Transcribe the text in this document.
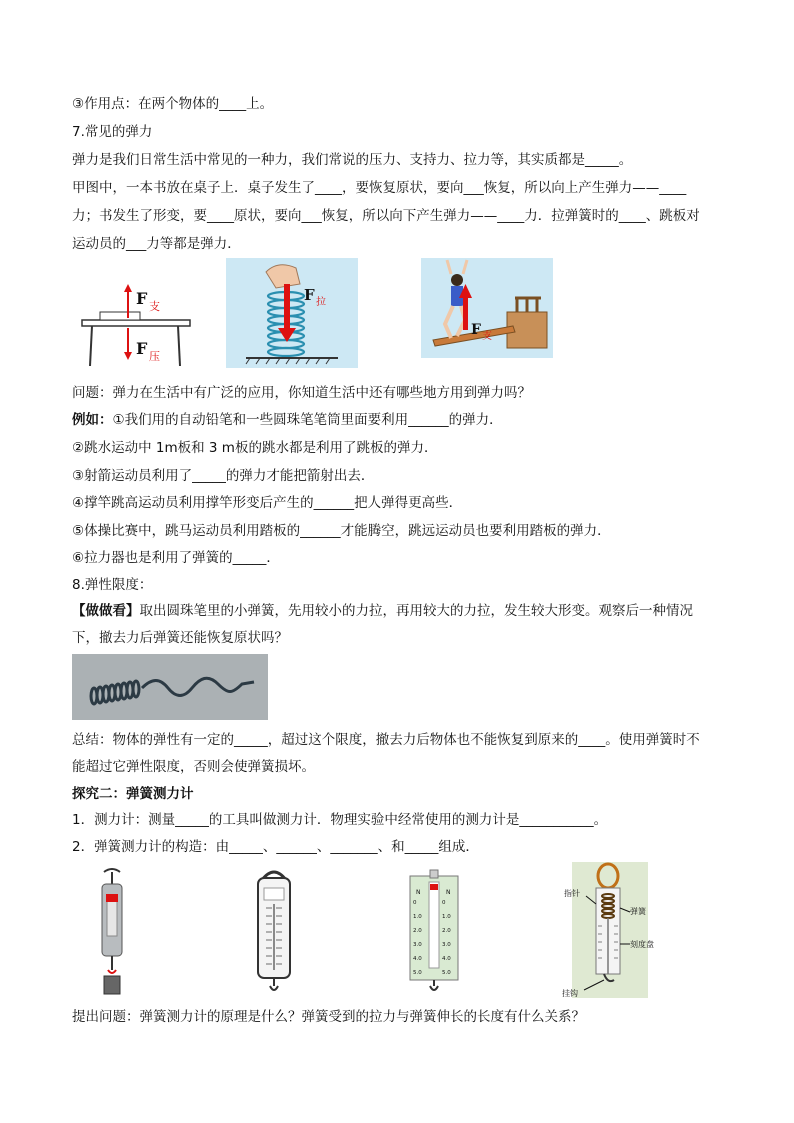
③作用点：在两个物体的____上。
7.常见的弹力
弹力是我们日常生活中常见的一种力，我们常说的压力、支持力、拉力等，其实质都是_____。
甲图中，一本书放在桌子上．桌子发生了____，要恢复原状，要向___恢复，所以向上产生弹力——____
力；书发生了形变，要____原状，要向___恢复，所以向下产生弹力——____力．拉弹簧时的____、跳板对
运动员的___力等都是弹力．
F 支
F 压
F 拉
F 支
问题：弹力在生活中有广泛的应用，你知道生活中还有哪些地方用到弹力吗？
例如：①我们用的自动铅笔和一些圆珠笔笔筒里面要利用______的弹力．
②跳水运动中 1m板和 3 m板的跳水都是利用了跳板的弹力．
③射箭运动员利用了_____的弹力才能把箭射出去．
④撑竿跳高运动员利用撑竿形变后产生的______把人弹得更高些．
⑤体操比赛中，跳马运动员利用踏板的______才能腾空，跳远运动员也要利用踏板的弹力．
⑥拉力器也是利用了弹簧的_____．
8.弹性限度：
【做做看】取出圆珠笔里的小弹簧，先用较小的力拉，再用较大的力拉，发生较大形变。观察后一种情况
下，撤去力后弹簧还能恢复原状吗？
总结：物体的弹性有一定的_____，超过这个限度，撤去力后物体也不能恢复到原来的____。使用弹簧时不
能超过它弹性限度，否则会使弹簧损坏。
探究二：弹簧测力计
1．测力计：测量_____的工具叫做测力计．物理实验中经常使用的测力计是___________。
2．弹簧测力计的构造：由_____、______、_______、和_____组成．
N	N
0
1.0
2.0
3.0
4.0
5.0
0
1.0
2.0
3.0
4.0
5.0
指针
弹簧
刻度盘
挂钩
提出问题：弹簧测力计的原理是什么？弹簧受到的拉力与弹簧伸长的长度有什么关系？
